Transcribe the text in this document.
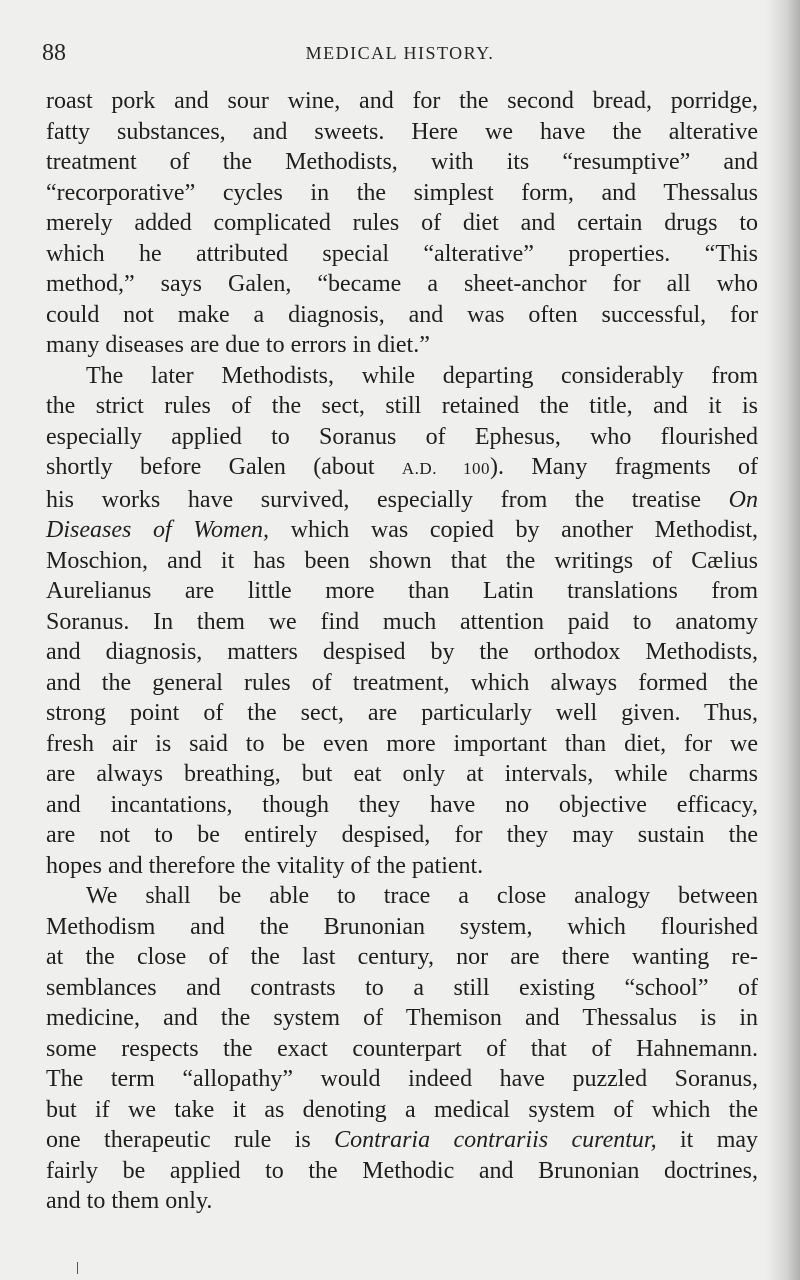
88	MEDICAL HISTORY.

roast pork and sour wine, and for the second bread, porridge,
fatty substances, and sweets. Here we have the alterative
treatment of the Methodists, with its “resumptive” and
“recorporative” cycles in the simplest form, and Thessalus
merely added complicated rules of diet and certain drugs to
which he attributed special “alterative” properties. “This
method,” says Galen, “became a sheet-anchor for all who
could not make a diagnosis, and was often successful, for
many diseases are due to errors in diet.”

The later Methodists, while departing considerably from
the strict rules of the sect, still retained the title, and it is
especially applied to Soranus of Ephesus, who flourished
shortly before Galen (about A.D. 100). Many fragments of
his works have survived, especially from the treatise On
Diseases of Women, which was copied by another Methodist,
Moschion, and it has been shown that the writings of Cælius
Aurelianus are little more than Latin translations from
Soranus. In them we find much attention paid to anatomy
and diagnosis, matters despised by the orthodox Methodists,
and the general rules of treatment, which always formed the
strong point of the sect, are particularly well given. Thus,
fresh air is said to be even more important than diet, for we
are always breathing, but eat only at intervals, while charms
and incantations, though they have no objective efficacy,
are not to be entirely despised, for they may sustain the
hopes and therefore the vitality of the patient.

We shall be able to trace a close analogy between
Methodism and the Brunonian system, which flourished
at the close of the last century, nor are there wanting re-
semblances and contrasts to a still existing “school” of
medicine, and the system of Themison and Thessalus is in
some respects the exact counterpart of that of Hahnemann.
The term “allopathy” would indeed have puzzled Soranus,
but if we take it as denoting a medical system of which the
one therapeutic rule is Contraria contrariis curentur, it may
fairly be applied to the Methodic and Brunonian doctrines,
and to them only.
